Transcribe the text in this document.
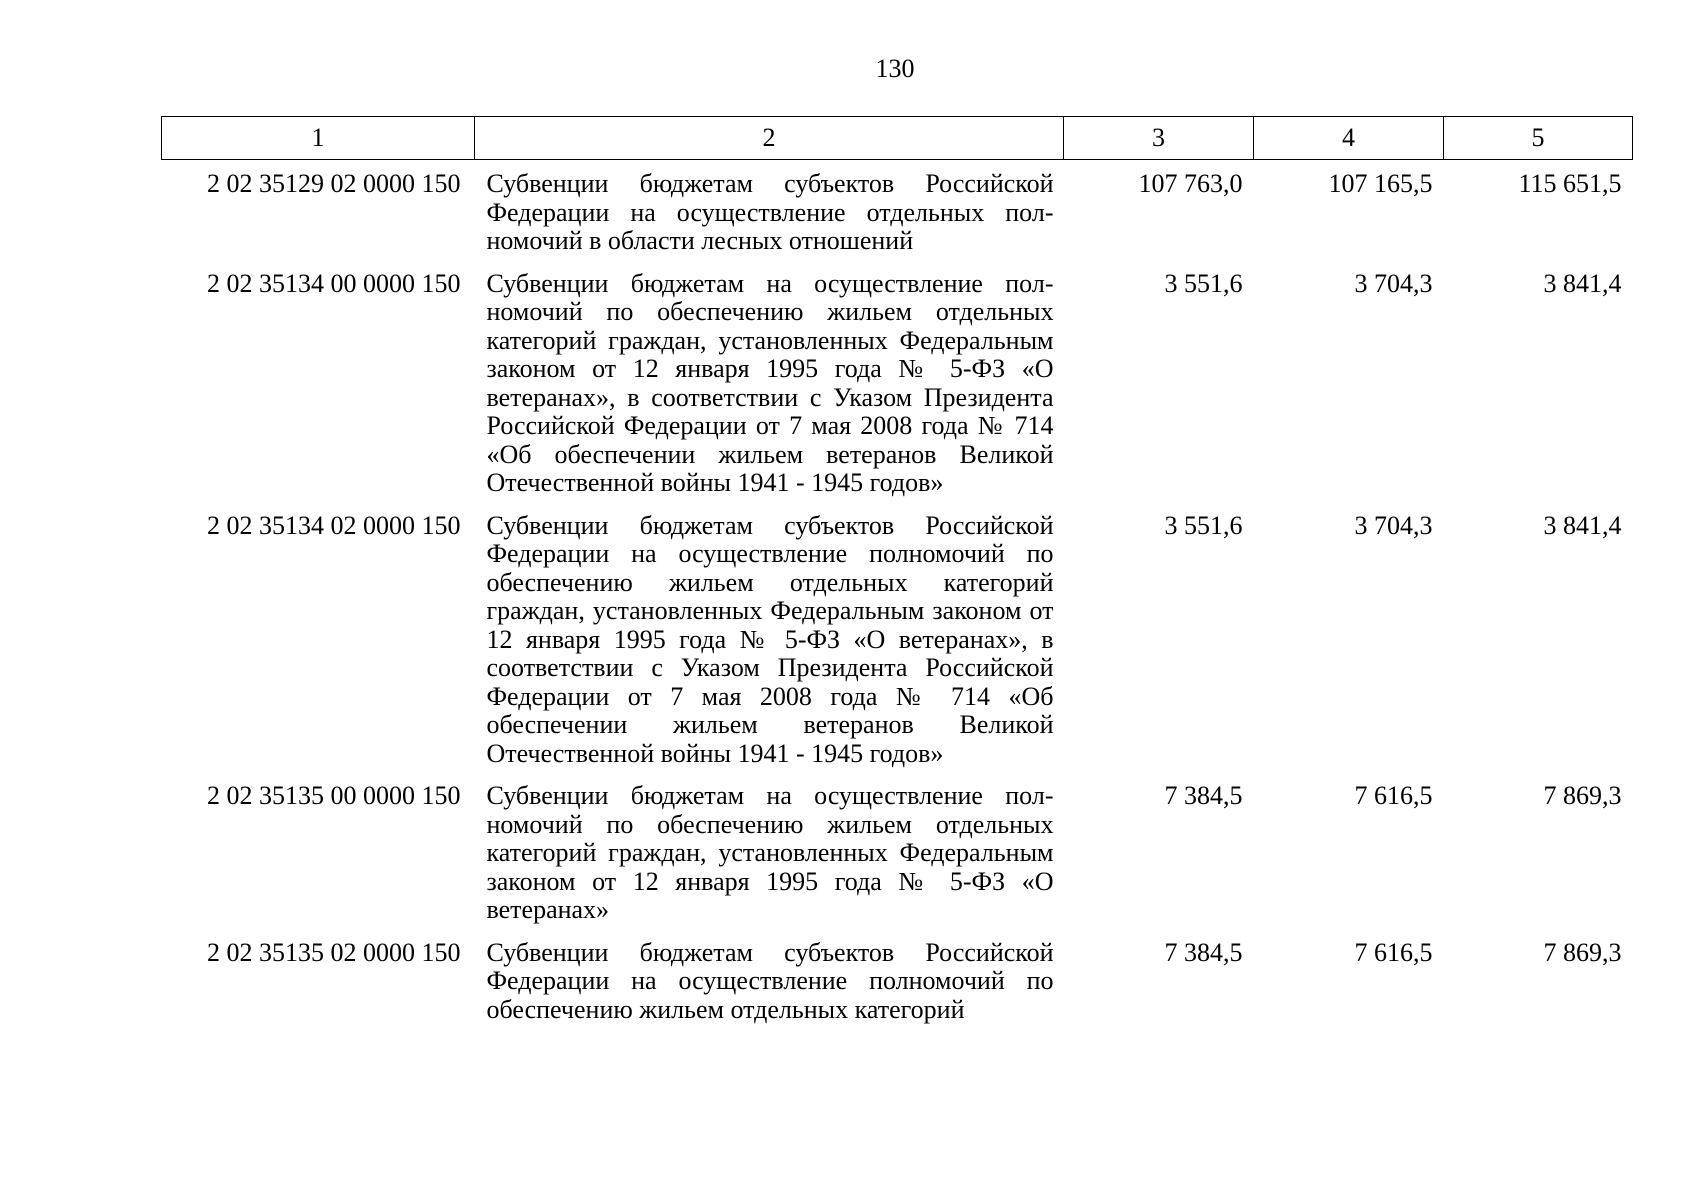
130
1	2	3	4	5
2 02 35129 02 0000 150	Субвенции бюджетам субъектов Российской Федерации на осуществление отдельных полномочий в области лесных отношений	107 763,0	107 165,5	115 651,5
2 02 35134 00 0000 150	Субвенции бюджетам на осуществление полномочий по обеспечению жильем отдельных категорий граждан, установленных Федеральным законом от 12 января 1995 года № 5-ФЗ «О ветеранах», в соответствии с Указом Президента Российской Федерации от 7 мая 2008 года № 714 «Об обеспечении жильем ветеранов Великой Отечественной войны 1941 - 1945 годов»	3 551,6	3 704,3	3 841,4
2 02 35134 02 0000 150	Субвенции бюджетам субъектов Российской Федерации на осуществление полномочий по обеспечению жильем отдельных категорий граждан, установленных Федеральным законом от 12 января 1995 года № 5-ФЗ «О ветеранах», в соответствии с Указом Президента Российской Федерации от 7 мая 2008 года № 714 «Об обеспечении жильем ветеранов Великой Отечественной войны 1941 - 1945 годов»	3 551,6	3 704,3	3 841,4
2 02 35135 00 0000 150	Субвенции бюджетам на осуществление полномочий по обеспечению жильем отдельных категорий граждан, установленных Федеральным законом от 12 января 1995 года № 5-ФЗ «О ветеранах»	7 384,5	7 616,5	7 869,3
2 02 35135 02 0000 150	Субвенции бюджетам субъектов Российской Федерации на осуществление полномочий по обеспечению жильем отдельных категорий	7 384,5	7 616,5	7 869,3
